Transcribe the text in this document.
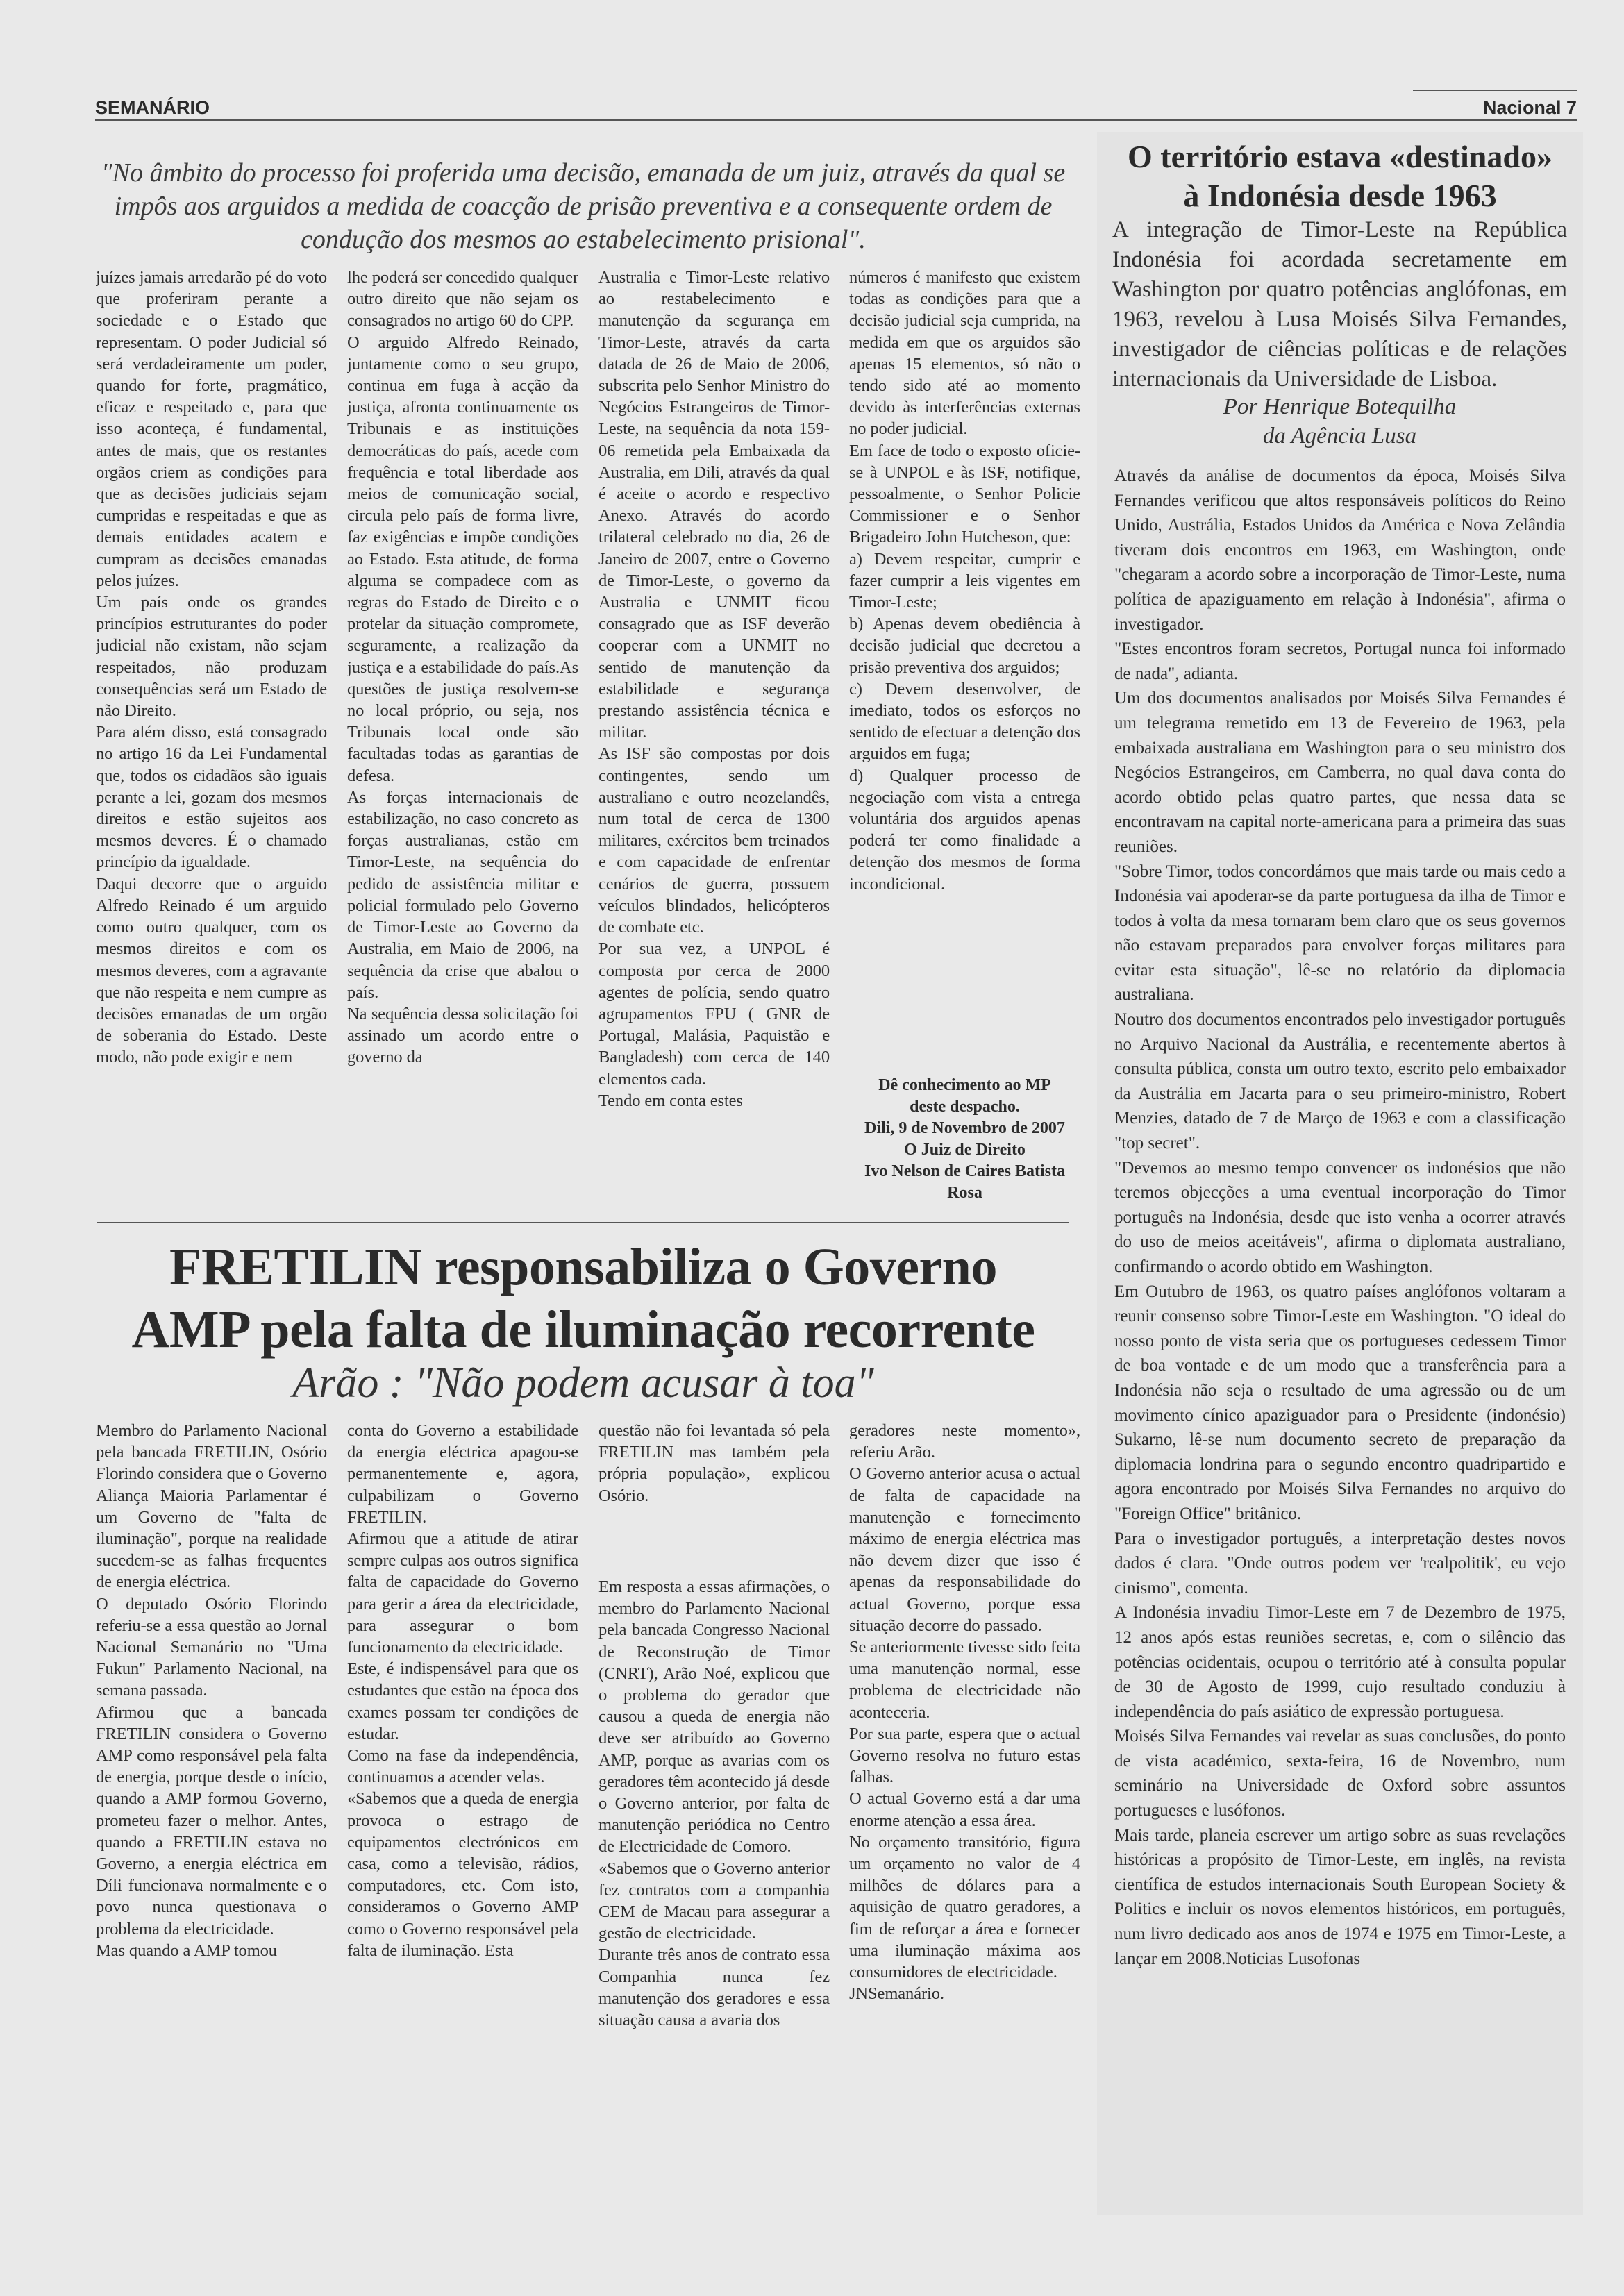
SEMANÁRIO	Nacional 7
"No âmbito do processo foi proferida uma decisão, emanada de um juiz, através da qual se impôs aos arguidos a medida de coacção de prisão preventiva e a consequente ordem de condução dos mesmos ao estabelecimento prisional".
juízes jamais arredarão pé do voto que proferiram perante a sociedade e o Estado que representam. O poder Judicial só será verdadeiramente um poder, quando for forte, pragmático, eficaz e respeitado e, para que isso aconteça, é fundamental, antes de mais, que os restantes orgãos criem as condições para que as decisões judiciais sejam cumpridas e respeitadas e que as demais entidades acatem e cumpram as decisões emanadas pelos juízes.
Um país onde os grandes princípios estruturantes do poder judicial não existam, não sejam respeitados, não produzam consequências será um Estado de não Direito.
Para além disso, está consagrado no artigo 16 da Lei Fundamental que, todos os cidadãos são iguais perante a lei, gozam dos mesmos direitos e estão sujeitos aos mesmos deveres. É o chamado princípio da igualdade.
Daqui decorre que o arguido Alfredo Reinado é um arguido como outro qualquer, com os mesmos direitos e com os mesmos deveres, com a agravante que não respeita e nem cumpre as decisões emanadas de um orgão de soberania do Estado. Deste modo, não pode exigir e nem
lhe poderá ser concedido qualquer outro direito que não sejam os consagrados no artigo 60 do CPP.
O arguido Alfredo Reinado, juntamente como o seu grupo, continua em fuga à acção da justiça, afronta continuamente os Tribunais e as instituições democráticas do país, acede com frequência e total liberdade aos meios de comunicação social, circula pelo país de forma livre, faz exigências e impõe condições ao Estado. Esta atitude, de forma alguma se compadece com as regras do Estado de Direito e o protelar da situação compromete, seguramente, a realização da justiça e a estabilidade do país.As questões de justiça resolvem-se no local próprio, ou seja, nos Tribunais local onde são facultadas todas as garantias de defesa.
As forças internacionais de estabilização, no caso concreto as forças australianas, estão em Timor-Leste, na sequência do pedido de assistência militar e policial formulado pelo Governo de Timor-Leste ao Governo da Australia, em Maio de 2006, na sequência da crise que abalou o país.
Na sequência dessa solicitação foi assinado um acordo entre o governo da
Australia e Timor-Leste relativo ao restabelecimento e manutenção da segurança em Timor-Leste, através da carta datada de 26 de Maio de 2006, subscrita pelo Senhor Ministro do Negócios Estrangeiros de Timor-Leste, na sequência da nota 159-06 remetida pela Embaixada da Australia, em Dili, através da qual é aceite o acordo e respectivo Anexo. Através do acordo trilateral celebrado no dia, 26 de Janeiro de 2007, entre o Governo de Timor-Leste, o governo da Australia e UNMIT ficou consagrado que as ISF deverão cooperar com a UNMIT no sentido de manutenção da estabilidade e segurança prestando assistência técnica e militar.
As ISF são compostas por dois contingentes, sendo um australiano e outro neozelandês, num total de cerca de 1300 militares, exércitos bem treinados e com capacidade de enfrentar cenários de guerra, possuem veículos blindados, helicópteros de combate etc.
Por sua vez, a UNPOL é composta por cerca de 2000 agentes de polícia, sendo quatro agrupamentos FPU ( GNR de Portugal, Malásia, Paquistão e Bangladesh) com cerca de 140 elementos cada.
Tendo em conta estes
números é manifesto que existem todas as condições para que a decisão judicial seja cumprida, na medida em que os arguidos são apenas 15 elementos, só não o tendo sido até ao momento devido às interferências externas no poder judicial.
Em face de todo o exposto oficie-se à UNPOL e às ISF, notifique, pessoalmente, o Senhor Policie Commissioner e o Senhor Brigadeiro John Hutcheson, que:
a) Devem respeitar, cumprir e fazer cumprir a leis vigentes em Timor-Leste;
b) Apenas devem obediência à decisão judicial que decretou a prisão preventiva dos arguidos;
c) Devem desenvolver, de imediato, todos os esforços no sentido de efectuar a detenção dos arguidos em fuga;
d) Qualquer processo de negociação com vista a entrega voluntária dos arguidos apenas poderá ter como finalidade a detenção dos mesmos de forma incondicional.
Dê conhecimento ao MP
deste despacho.
Dili, 9 de Novembro de 2007
O Juiz de Direito
Ivo Nelson de Caires Batista
Rosa
FRETILIN responsabiliza o Governo
AMP pela falta de iluminação recorrente
Arão : "Não podem acusar à toa"
Membro do Parlamento Nacional pela bancada FRETILIN, Osório Florindo considera que o Governo Aliança Maioria Parlamentar é um Governo de "falta de iluminação", porque na realidade sucedem-se as falhas frequentes de energia eléctrica.
O deputado Osório Florindo referiu-se a essa questão ao Jornal Nacional Semanário no "Uma Fukun" Parlamento Nacional, na semana passada.
Afirmou que a bancada FRETILIN considera o Governo AMP como responsável pela falta de energia, porque desde o início, quando a AMP formou Governo, prometeu fazer o melhor. Antes, quando a FRETILIN estava no Governo, a energia eléctrica em Díli funcionava normalmente e o povo nunca questionava o problema da electricidade.
Mas quando a AMP tomou
conta do Governo a estabilidade da energia eléctrica apagou-se permanentemente e, agora, culpabilizam o Governo FRETILIN.
Afirmou que a atitude de atirar sempre culpas aos outros significa falta de capacidade do Governo para gerir a área da electricidade, para assegurar o bom funcionamento da electricidade.
Este, é indispensável para que os estudantes que estão na época dos exames possam ter condições de estudar.
Como na fase da independência, continuamos a acender velas.
«Sabemos que a queda de energia provoca o estrago de equipamentos electrónicos em casa, como a televisão, rádios, computadores, etc. Com isto, consideramos o Governo AMP como o Governo responsável pela falta de iluminação. Esta
questão não foi levantada só pela FRETILIN mas também pela própria população», explicou Osório.

Em resposta a essas afirmações, o membro do Parlamento Nacional pela bancada Congresso Nacional de Reconstrução de Timor (CNRT), Arão Noé, explicou que o problema do gerador que causou a queda de energia não deve ser atribuído ao Governo AMP, porque as avarias com os geradores têm acontecido já desde o Governo anterior, por falta de manutenção periódica no Centro de Electricidade de Comoro.
«Sabemos que o Governo anterior fez contratos com a companhia CEM de Macau para assegurar a gestão de electricidade.
Durante três anos de contrato essa Companhia nunca fez manutenção dos geradores e essa situação causa a avaria dos
geradores neste momento», referiu Arão.
O Governo anterior acusa o actual de falta de capacidade na manutenção e fornecimento máximo de energia eléctrica mas não devem dizer que isso é apenas da responsabilidade do actual Governo, porque essa situação decorre do passado.
Se anteriormente tivesse sido feita uma manutenção normal, esse problema de electricidade não aconteceria.
Por sua parte, espera que o actual Governo resolva no futuro estas falhas.
O actual Governo está a dar uma enorme atenção a essa área.
No orçamento transitório, figura um orçamento no valor de 4 milhões de dólares para a aquisição de quatro geradores, a fim de reforçar a área e fornecer uma iluminação máxima aos consumidores de electricidade.
JNSemanário.
O território estava «destinado»
à Indonésia desde 1963
A integração de Timor-Leste na República Indonésia foi acordada secretamente em Washington por quatro potências anglófonas, em 1963, revelou à Lusa Moisés Silva Fernandes, investigador de ciências políticas e de relações internacionais da Universidade de Lisboa.
Por Henrique Botequilha
da Agência Lusa
Através da análise de documentos da época, Moisés Silva Fernandes verificou que altos responsáveis políticos do Reino Unido, Austrália, Estados Unidos da América e Nova Zelândia tiveram dois encontros em 1963, em Washington, onde "chegaram a acordo sobre a incorporação de Timor-Leste, numa política de apaziguamento em relação à Indonésia", afirma o investigador.
"Estes encontros foram secretos, Portugal nunca foi informado de nada", adianta.
Um dos documentos analisados por Moisés Silva Fernandes é um telegrama remetido em 13 de Fevereiro de 1963, pela embaixada australiana em Washington para o seu ministro dos Negócios Estrangeiros, em Camberra, no qual dava conta do acordo obtido pelas quatro partes, que nessa data se encontravam na capital norte-americana para a primeira das suas reuniões.
"Sobre Timor, todos concordámos que mais tarde ou mais cedo a Indonésia vai apoderar-se da parte portuguesa da ilha de Timor e todos à volta da mesa tornaram bem claro que os seus governos não estavam preparados para envolver forças militares para evitar esta situação", lê-se no relatório da diplomacia australiana.
Noutro dos documentos encontrados pelo investigador português no Arquivo Nacional da Austrália, e recentemente abertos à consulta pública, consta um outro texto, escrito pelo embaixador da Austrália em Jacarta para o seu primeiro-ministro, Robert Menzies, datado de 7 de Março de 1963 e com a classificação "top secret".
"Devemos ao mesmo tempo convencer os indonésios que não teremos objecções a uma eventual incorporação do Timor português na Indonésia, desde que isto venha a ocorrer através do uso de meios aceitáveis", afirma o diplomata australiano, confirmando o acordo obtido em Washington.
Em Outubro de 1963, os quatro países anglófonos voltaram a reunir consenso sobre Timor-Leste em Washington. "O ideal do nosso ponto de vista seria que os portugueses cedessem Timor de boa vontade e de um modo que a transferência para a Indonésia não seja o resultado de uma agressão ou de um movimento cínico apaziguador para o Presidente (indonésio) Sukarno, lê-se num documento secreto de preparação da diplomacia londrina para o segundo encontro quadripartido e agora encontrado por Moisés Silva Fernandes no arquivo do "Foreign Office" britânico.
Para o investigador português, a interpretação destes novos dados é clara. "Onde outros podem ver 'realpolitik', eu vejo cinismo", comenta.
A Indonésia invadiu Timor-Leste em 7 de Dezembro de 1975, 12 anos após estas reuniões secretas, e, com o silêncio das potências ocidentais, ocupou o território até à consulta popular de 30 de Agosto de 1999, cujo resultado conduziu à independência do país asiático de expressão portuguesa.
Moisés Silva Fernandes vai revelar as suas conclusões, do ponto de vista académico, sexta-feira, 16 de Novembro, num seminário na Universidade de Oxford sobre assuntos portugueses e lusófonos.
Mais tarde, planeia escrever um artigo sobre as suas revelações históricas a propósito de Timor-Leste, em inglês, na revista científica de estudos internacionais South European Society & Politics e incluir os novos elementos históricos, em português, num livro dedicado aos anos de 1974 e 1975 em Timor-Leste, a lançar em 2008.Noticias Lusofonas
